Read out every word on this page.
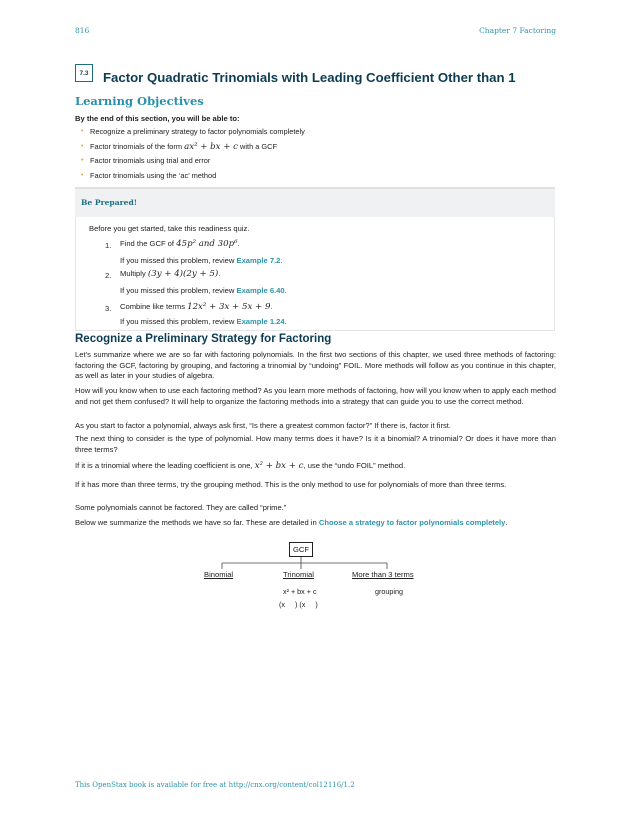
816	Chapter 7 Factoring
7.3	Factor Quadratic Trinomials with Leading Coefficient Other than 1
Learning Objectives
By the end of this section, you will be able to:
• Recognize a preliminary strategy to factor polynomials completely
• Factor trinomials of the form ax² + bx + c with a GCF
• Factor trinomials using trial and error
• Factor trinomials using the ‘ac’ method
Be Prepared!
Before you get started, take this readiness quiz.
1. Find the GCF of 45p² and 30p⁶.
If you missed this problem, review Example 7.2.
2. Multiply (3y + 4)(2y + 5).
If you missed this problem, review Example 6.40.
3. Combine like terms 12x² + 3x + 5x + 9.
If you missed this problem, review Example 1.24.
Recognize a Preliminary Strategy for Factoring

Let’s summarize where we are so far with factoring polynomials. In the first two sections of this chapter, we used three methods of factoring: factoring the GCF, factoring by grouping, and factoring a trinomial by “undoing” FOIL. More methods will follow as you continue in this chapter, as well as later in your studies of algebra.

How will you know when to use each factoring method? As you learn more methods of factoring, how will you know when to apply each method and not get them confused? It will help to organize the factoring methods into a strategy that can guide you to use the correct method.

As you start to factor a polynomial, always ask first, “Is there a greatest common factor?” If there is, factor it first.

The next thing to consider is the type of polynomial. How many terms does it have? Is it a binomial? A trinomial? Or does it have more than three terms?

If it is a trinomial where the leading coefficient is one, x² + bx + c, use the “undo FOIL” method.

If it has more than three terms, try the grouping method. This is the only method to use for polynomials of more than three terms.

Some polynomials cannot be factored. They are called “prime.”

Below we summarize the methods we have so far. These are detailed in Choose a strategy to factor polynomials completely.

GCF
Binomial	Trinomial	More than 3 terms
x² + bx + c
(x     ) (x     )
grouping
This OpenStax book is available for free at http://cnx.org/content/col12116/1.2
